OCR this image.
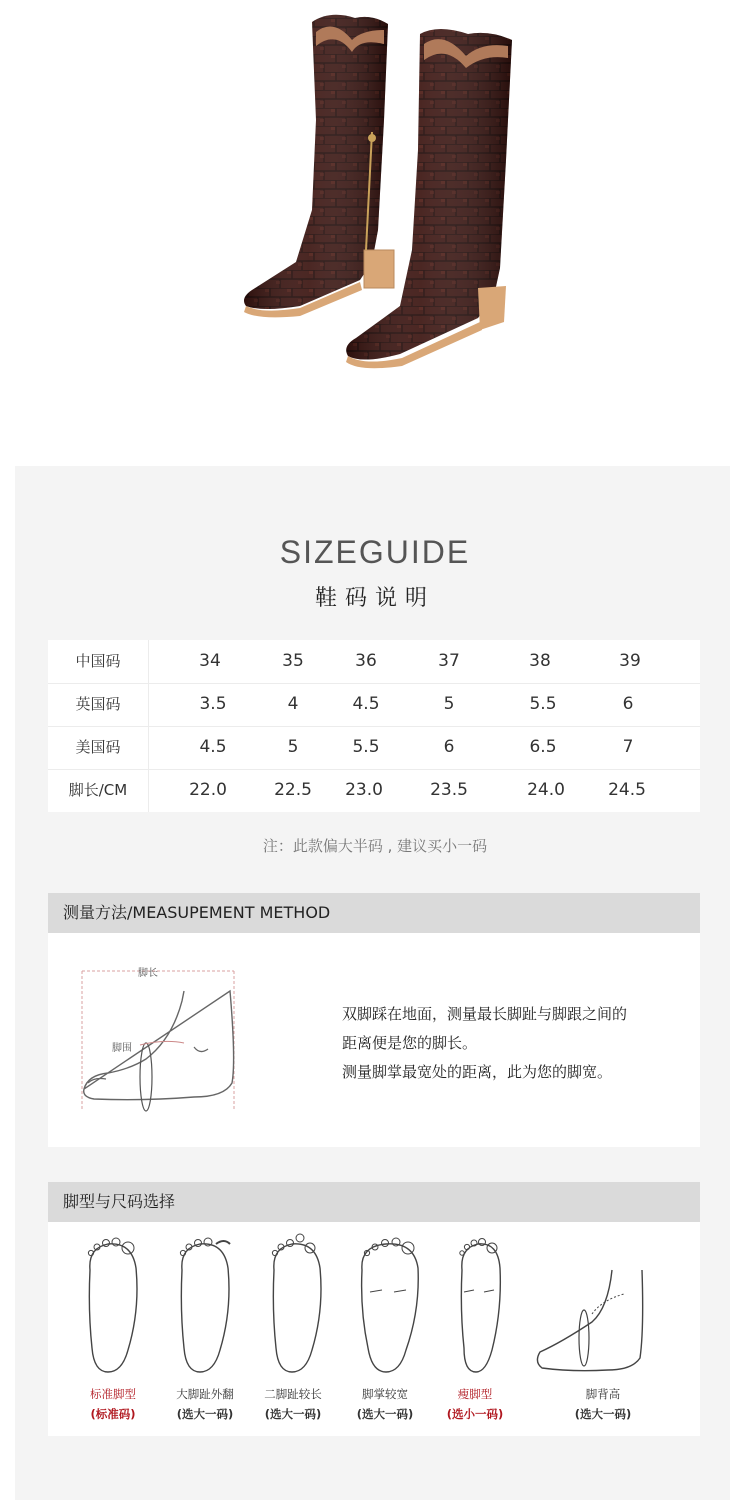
SIZEGUIDE
鞋码说明
中国码	34	35	36	37	38	39
英国码	3.5	4	4.5	5	5.5	6
美国码	4.5	5	5.5	6	6.5	7
脚长/CM	22.0	22.5	23.0	23.5	24.0	24.5
注：此款偏大半码 , 建议买小一码
测量方法/MEASUPEMENT METHOD
脚长
脚围

双脚踩在地面，测量最长脚趾与脚跟之间的

距离便是您的脚长。

测量脚掌最宽处的距离，此为您的脚宽。

脚型与尺码选择
标准脚型
(标准码)
大脚趾外翻
(选大一码)
二脚趾较长
(选大一码)
脚掌较宽
(选大一码)
瘦脚型
(选小一码)
脚背高
(选大一码)
